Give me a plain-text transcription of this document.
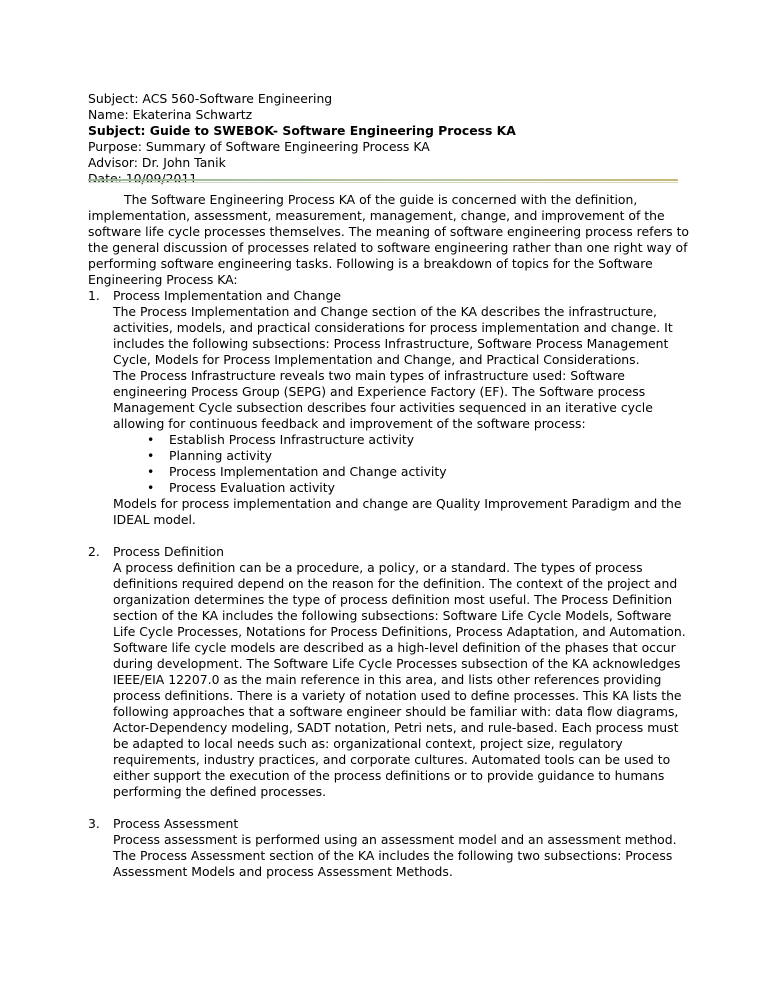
Subject: ACS 560-Software Engineering
Name: Ekaterina Schwartz
Subject: Guide to SWEBOK- Software Engineering Process KA
Purpose: Summary of Software Engineering Process KA
Advisor: Dr. John Tanik

The Software Engineering Process KA of the guide is concerned with the definition, implementation, assessment, measurement, management, change, and improvement of the software life cycle processes themselves. The meaning of software engineering process refers to the general discussion of processes related to software engineering rather than one right way of performing software engineering tasks. Following is a breakdown of topics for the Software Engineering Process KA:

1.	Process Implementation and Change

The Process Implementation and Change section of the KA describes the infrastructure, activities, models, and practical considerations for process implementation and change. It includes the following subsections: Process Infrastructure, Software Process Management Cycle, Models for Process Implementation and Change, and Practical Considerations.

The Process Infrastructure reveals two main types of infrastructure used: Software engineering Process Group (SEPG) and Experience Factory (EF). The Software process Management Cycle subsection describes four activities sequenced in an iterative cycle allowing for continuous feedback and improvement of the software process:

• Establish Process Infrastructure activity
• Planning activity
• Process Implementation and Change activity
• Process Evaluation activity

Models for process implementation and change are Quality Improvement Paradigm and the IDEAL model.

2.	Process Definition

A process definition can be a procedure, a policy, or a standard. The types of process definitions required depend on the reason for the definition. The context of the project and organization determines the type of process definition most useful. The Process Definition section of the KA includes the following subsections: Software Life Cycle Models, Software Life Cycle Processes, Notations for Process Definitions, Process Adaptation, and Automation.

Software life cycle models are described as a high-level definition of the phases that occur during development. The Software Life Cycle Processes subsection of the KA acknowledges IEEE/EIA 12207.0 as the main reference in this area, and lists other references providing process definitions. There is a variety of notation used to define processes. This KA lists the following approaches that a software engineer should be familiar with: data flow diagrams, Actor-Dependency modeling, SADT notation, Petri nets, and rule-based. Each process must be adapted to local needs such as: organizational context, project size, regulatory requirements, industry practices, and corporate cultures. Automated tools can be used to either support the execution of the process definitions or to provide guidance to humans performing the defined processes.

3.	Process Assessment

Process assessment is performed using an assessment model and an assessment method. The Process Assessment section of the KA includes the following two subsections: Process Assessment Models and process Assessment Methods.
